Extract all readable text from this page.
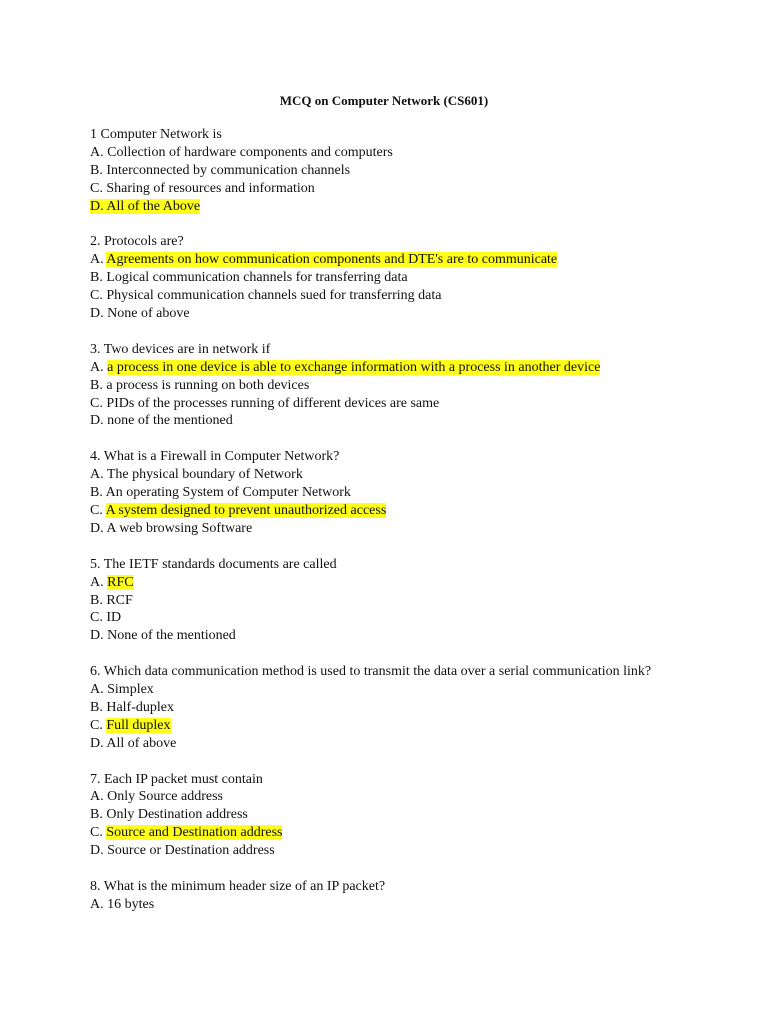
MCQ on Computer Network (CS601)

1 Computer Network is

A. Collection of hardware components and computers

B. Interconnected by communication channels

C. Sharing of resources and information

D. All of the Above

2. Protocols are?

A. Agreements on how communication components and DTE's are to communicate

B. Logical communication channels for transferring data

C. Physical communication channels sued for transferring data

D. None of above

3. Two devices are in network if

A. a process in one device is able to exchange information with a process in another device

B. a process is running on both devices

C. PIDs of the processes running of different devices are same

D. none of the mentioned

4. What is a Firewall in Computer Network?

A. The physical boundary of Network

B. An operating System of Computer Network

C. A system designed to prevent unauthorized access

D. A web browsing Software

5. The IETF standards documents are called

A. RFC

B. RCF

C. ID

D. None of the mentioned

6. Which data communication method is used to transmit the data over a serial communication link?

A. Simplex

B. Half-duplex

C. Full duplex

D. All of above

7. Each IP packet must contain

A. Only Source address

B. Only Destination address

C. Source and Destination address

D. Source or Destination address

8. What is the minimum header size of an IP packet?

A. 16 bytes
